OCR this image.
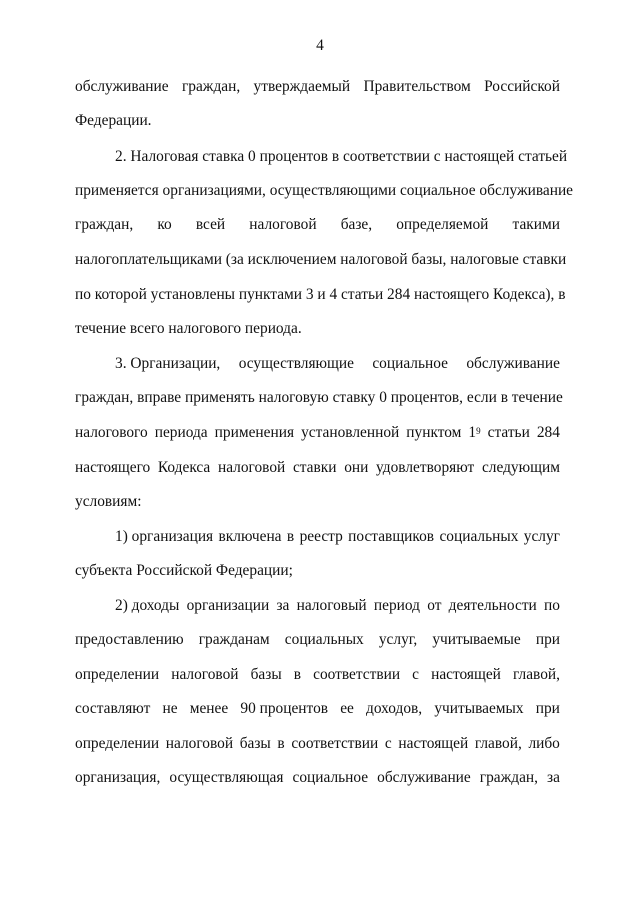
4
обслуживание граждан, утверждаемый Правительством Российской
Федерации.
2. Налоговая ставка 0 процентов в соответствии с настоящей статьей
применяется организациями, осуществляющими социальное обслуживание
граждан, ко всей налоговой базе, определяемой такими
налогоплательщиками (за исключением налоговой базы, налоговые ставки
по которой установлены пунктами 3 и 4 статьи 284 настоящего Кодекса), в
течение всего налогового периода.
3. Организации, осуществляющие социальное обслуживание
граждан, вправе применять налоговую ставку 0 процентов, если в течение
налогового периода применения установленной пунктом $1^9$ статьи 284
настоящего Кодекса налоговой ставки они удовлетворяют следующим
условиям:
1) организация включена в реестр поставщиков социальных услуг
субъекта Российской Федерации;
2) доходы организации за налоговый период от деятельности по
предоставлению гражданам социальных услуг, учитываемые при
определении налоговой базы в соответствии с настоящей главой,
составляют не менее 90 процентов ее доходов, учитываемых при
определении налоговой базы в соответствии с настоящей главой, либо
организация, осуществляющая социальное обслуживание граждан, за
